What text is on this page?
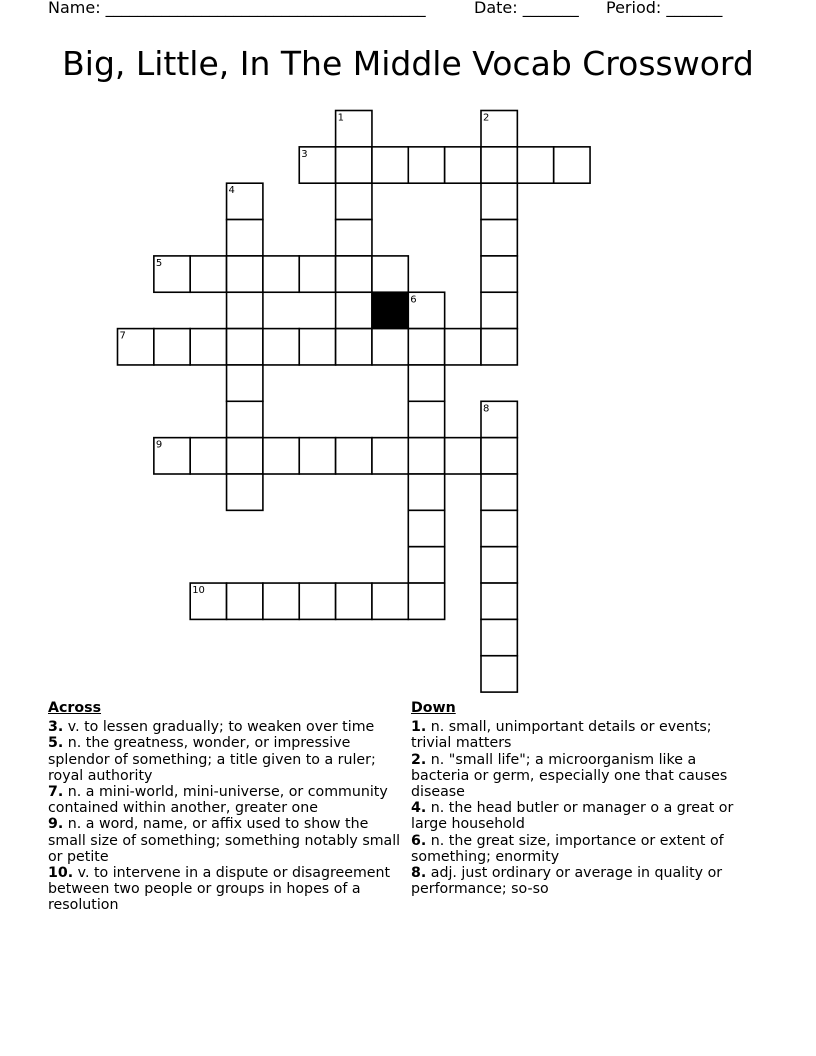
Name: ________________________________________	Date: _______ Period: _______
Big, Little, In The Middle Vocab Crossword
1	2
3
4
5
6
7
8
9
10
Across
3. v. to lessen gradually; to weaken over time
5. n. the greatness, wonder, or impressive splendor of something; a title given to a ruler; royal authority
7. n. a mini-world, mini-universe, or community contained within another, greater one
9. n. a word, name, or affix used to show the small size of something; something notably small or petite
10. v. to intervene in a dispute or disagreement between two people or groups in hopes of a resolution
Down
1. n. small, unimportant details or events; trivial matters
2. n. "small life"; a microorganism like a bacteria or germ, especially one that causes disease
4. n. the head butler or manager o a great or large household
6. n. the great size, importance or extent of something; enormity
8. adj. just ordinary or average in quality or performance; so-so
